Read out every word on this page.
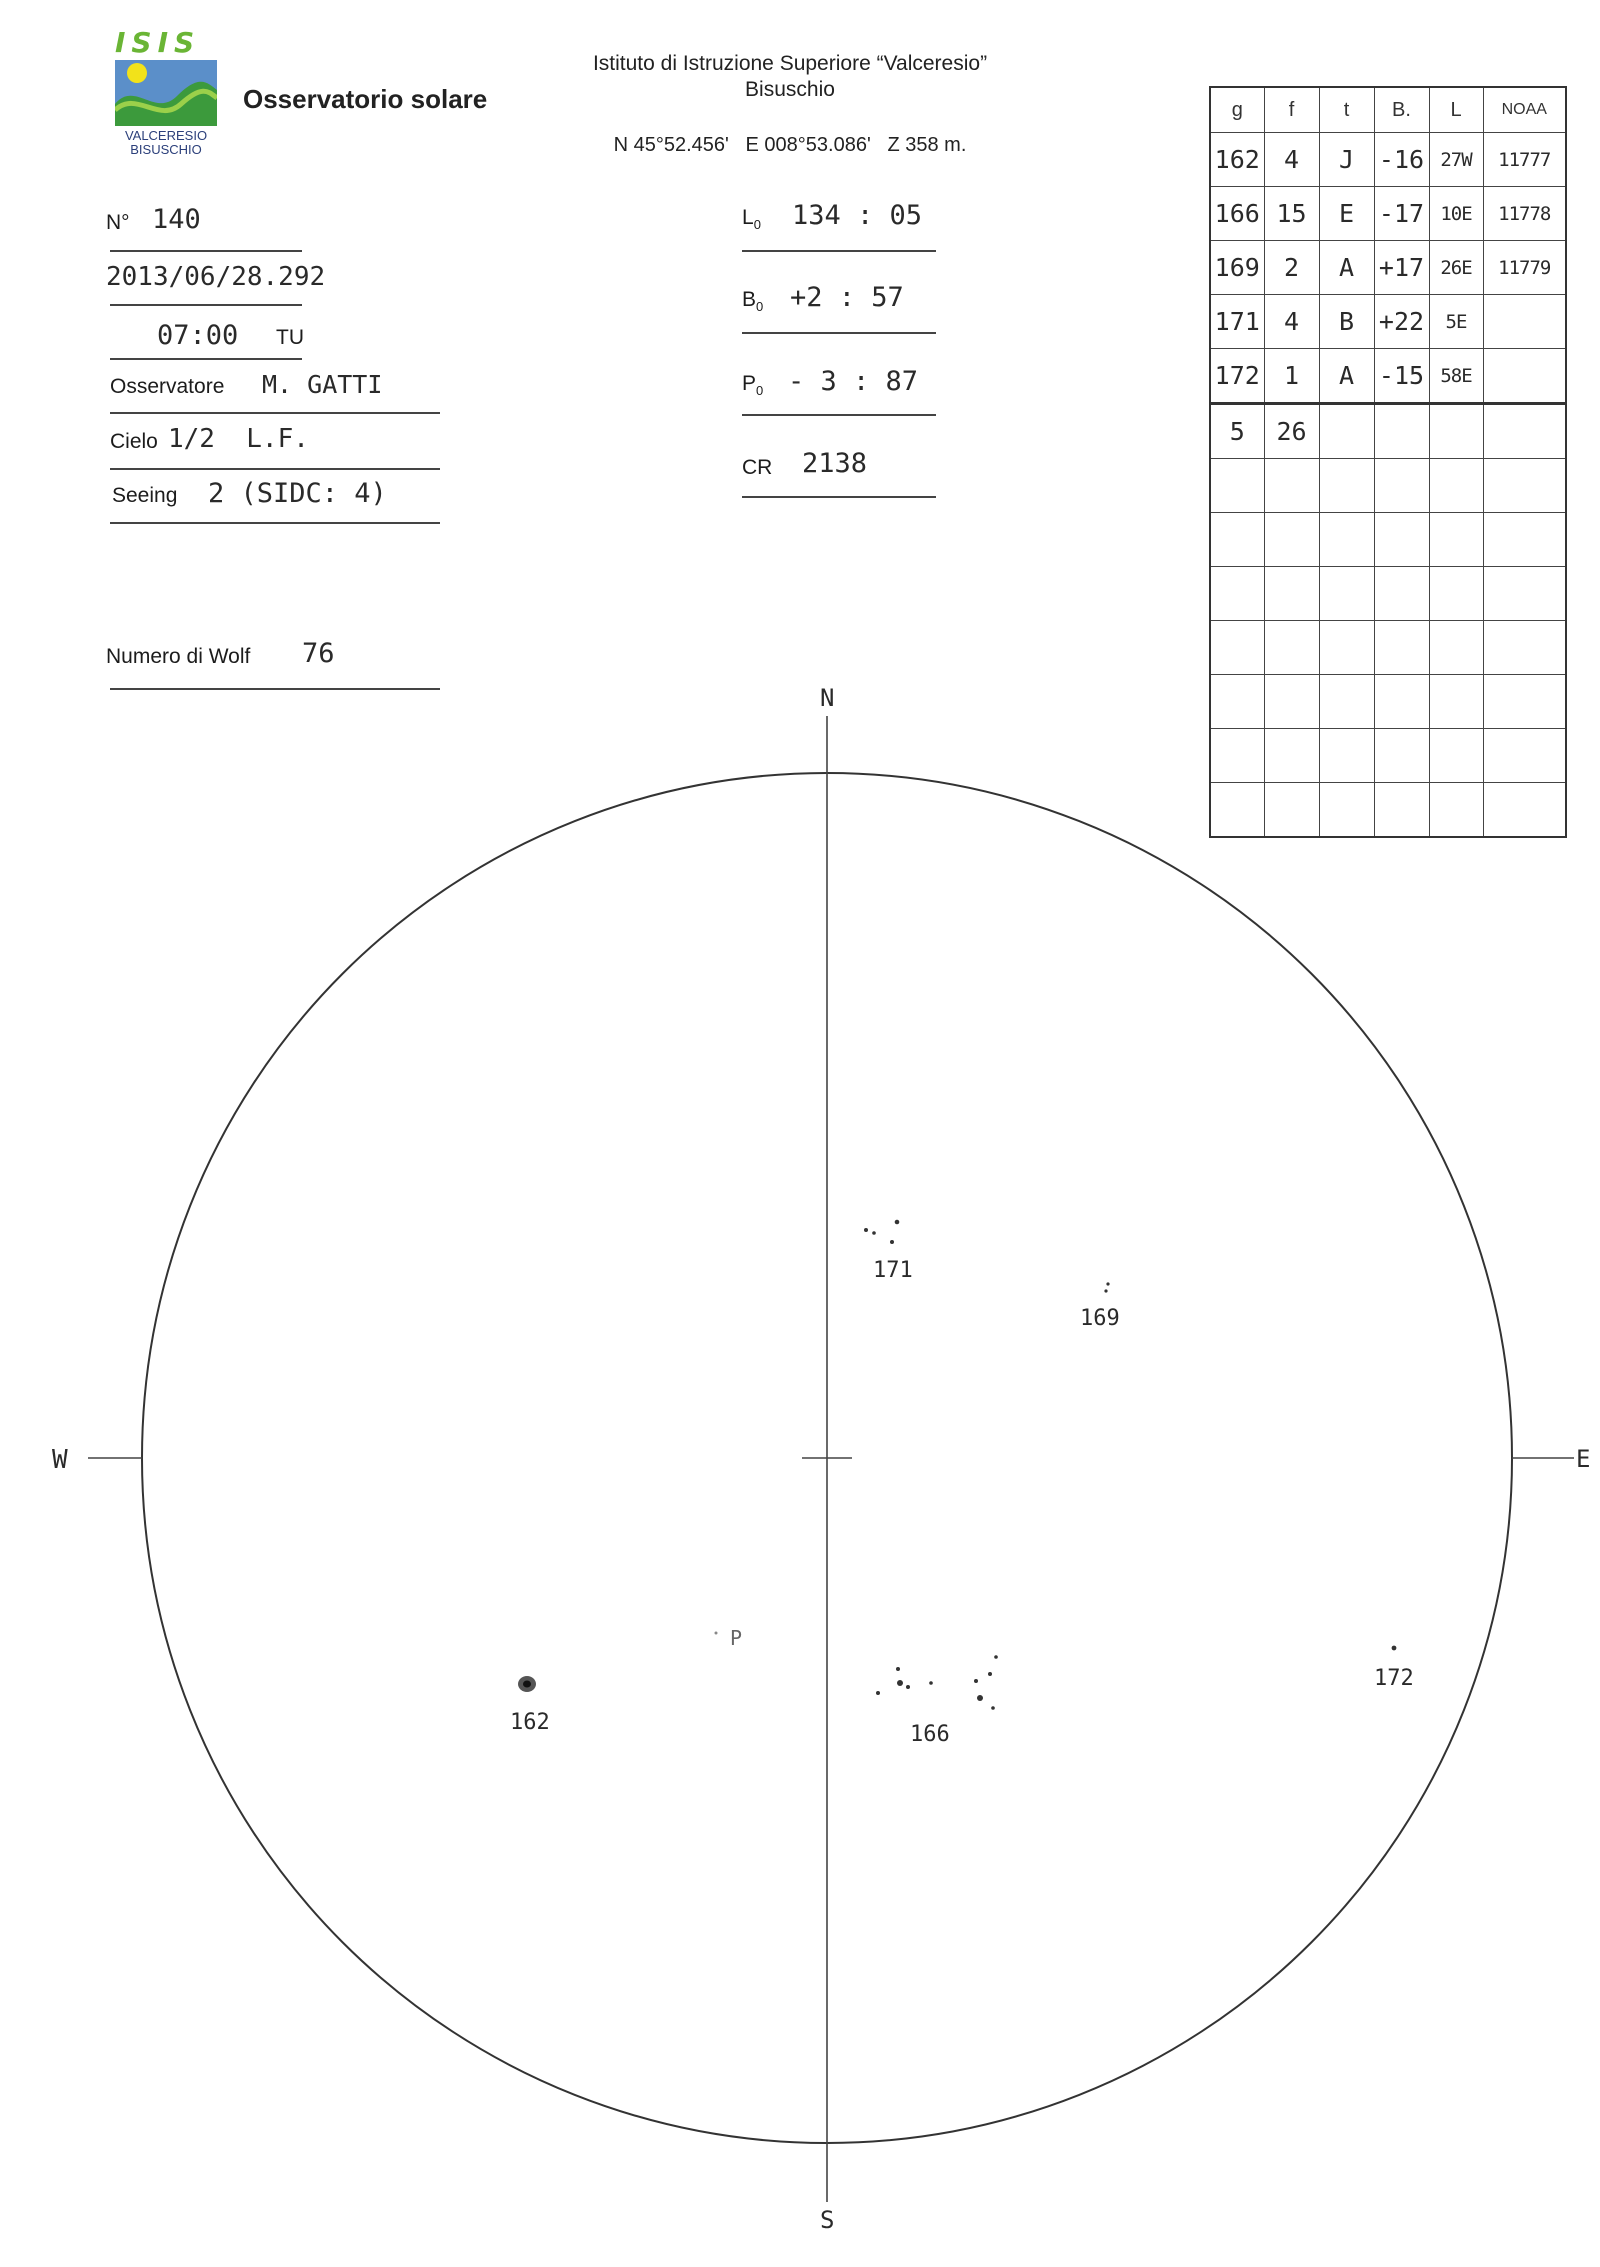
ISIS
VALCERESIO
BISUSCHIO
Osservatorio solare
Istituto di Istruzione Superiore “Valceresio”
Bisuschio
N 45°52.456'   E 008°53.086'   Z 358 m.
N° 140
2013/06/28.292
07:00 TU
Osservatore M. GATTI
Cielo 1/2  L.F.
Seeing 2 (SIDC: 4)
Numero di Wolf 76
$L_0$ 134 : 05
$B_0 +2$ : 57
$P_0 - 3$ : 87
CR 2138
g	f	t	B.	L	NOAA
162	4	J	-16	27W	11777
166	15	E	-17	10E	11778
169	2	A	+17	26E	11779
171	4	B	+22	5E	
172	1	A	-15	58E	
5	26				

N
S
W	E
P
171
169
162	166
172
